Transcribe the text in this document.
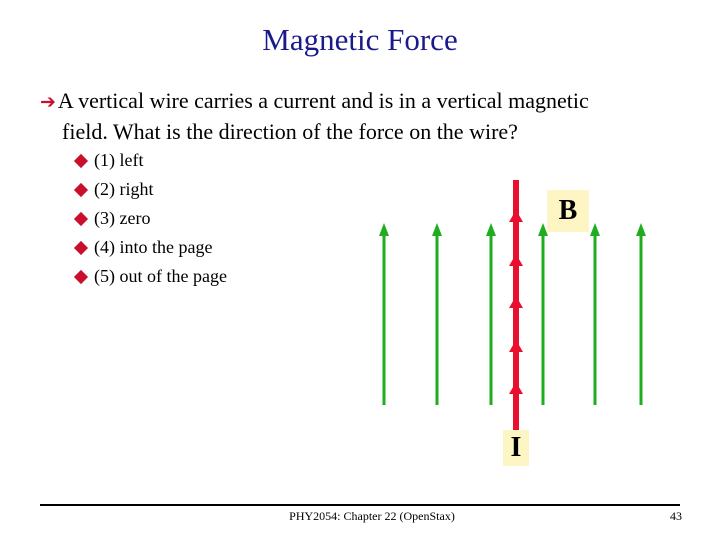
Magnetic Force
➔A vertical wire carries a current and is in a vertical magnetic
field. What is the direction of the force on the wire?
(1) left
(2) right
(3) zero
(4) into the page
(5) out of the page
B
I
PHY2054: Chapter 22 (OpenStax)	43
